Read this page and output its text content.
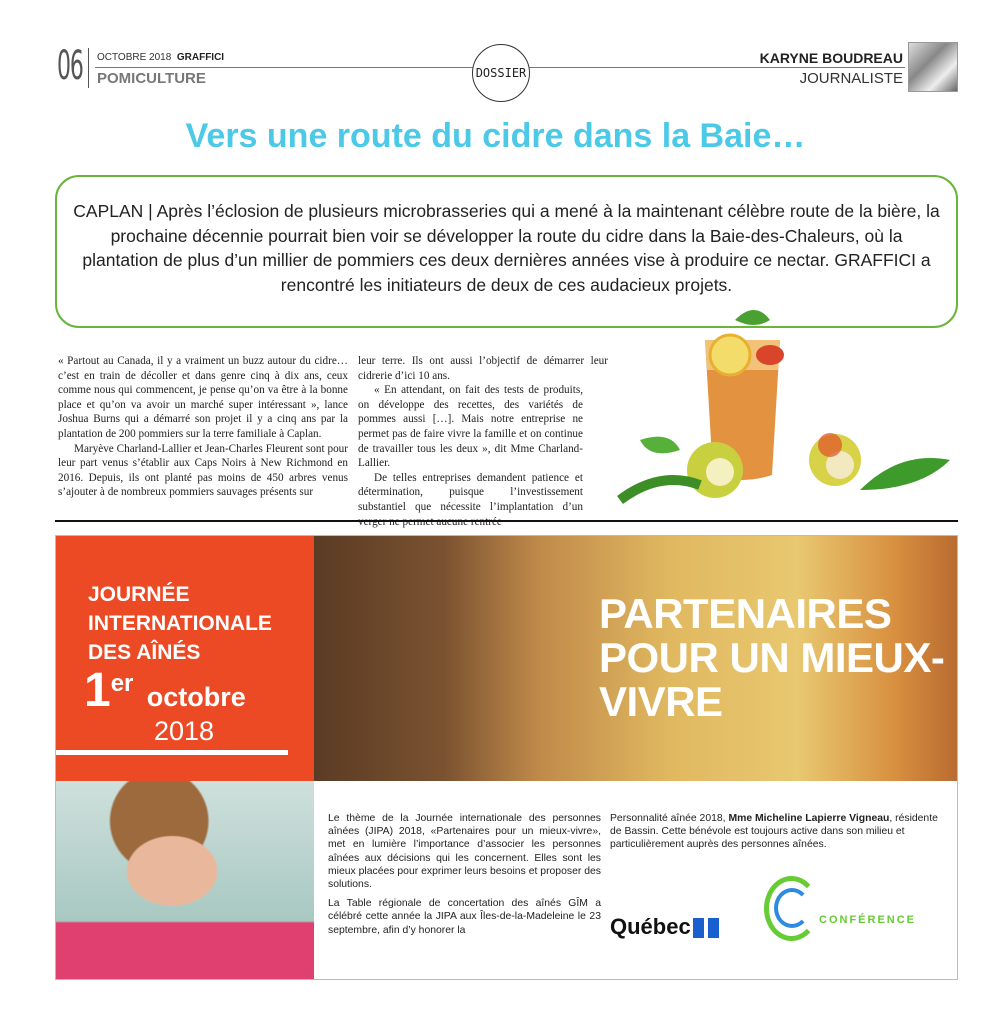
06 OCTOBRE 2018 GRAFFICI
POMICULTURE	DOSSIER
KARYNE BOUDREAU
JOURNALISTE
Vers une route du cidre dans la Baie…
CAPLAN | Après l’éclosion de plusieurs microbrasseries qui a mené à la maintenant célèbre route de la bière, la prochaine décennie pourrait bien voir se développer la route du cidre dans la Baie-des-Chaleurs, où la plantation de plus d’un millier de pommiers ces deux dernières années vise à produire ce nectar. GRAFFICI a rencontré les initiateurs de deux de ces audacieux projets.

« Partout au Canada, il y a vraiment un buzz autour du cidre… c’est en train de décoller et dans genre cinq à dix ans, ceux comme nous qui commencent, je pense qu’on va être à la bonne place et qu’on va avoir un marché super intéressant », lance Joshua Burns qui a démarré son projet il y a cinq ans par la plantation de 200 pommiers sur la terre familiale à Caplan.

Maryève Charland-Lallier et Jean-Charles Fleurent sont pour leur part venus s’établir aux Caps Noirs à New Richmond en 2016. Depuis, ils ont planté pas moins de 450 arbres venus s’ajouter à de nombreux pommiers sauvages présents sur

leur terre. Ils ont aussi l’objectif de démarrer leur cidrerie d’ici 10 ans.

« En attendant, on fait des tests de produits, on développe des recettes, des variétés de pommes aussi […]. Mais notre entreprise ne permet pas de faire vivre la famille et on continue de travailler tous les deux », dit Mme Charland-Lallier.

De telles entreprises demandent patience et détermination, puisque l’investissement substantiel que nécessite l’implantation d’un

JOURNÉE INTERNATIONALE DES AÎNÉS
1er octobre
2018
PARTENAIRES POUR UN MIEUX-VIVRE

Le thème de la Journée internationale des personnes aînées (JIPA) 2018, «Partenaires pour un mieux-vivre», met en lumière l’importance d’associer les personnes aînées aux décisions qui les concernent. Elles sont les mieux placées pour exprimer leurs besoins et proposer des solutions.

La Table régionale de concertation des aînés GÎM a célébré cette année la JIPA aux Îles-de-la-Madeleine le 23 septembre, afin d’y honorer la

Personnalité aînée 2018, Mme Micheline Lapierre Vigneau, résidente de Bassin. Cette bénévole est toujours active dans son milieu et particulièrement auprès des personnes aînées.
Québec	CONFÉRENCE
